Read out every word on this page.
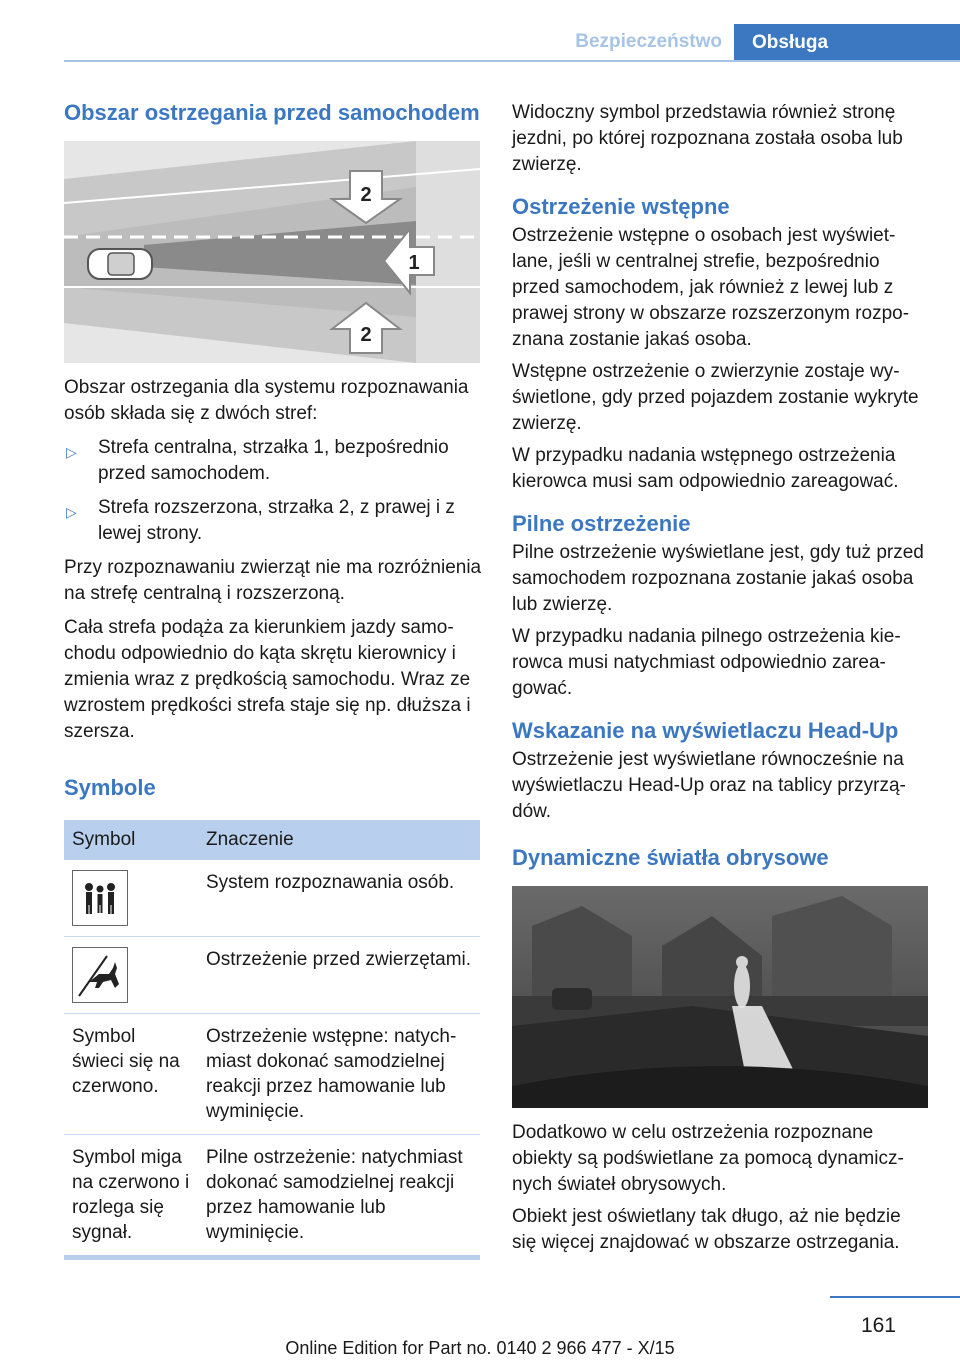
Bezpieczeństwo	Obsługa
Obszar ostrzegania przed samochodem
2
1
2

Obszar ostrzegania dla systemu rozpoznawania osób składa się z dwóch stref:

▷ Strefa centralna, strzałka 1, bezpośrednio przed samochodem.
▷ Strefa rozszerzona, strzałka 2, z prawej i z lewej strony.

Przy rozpoznawaniu zwierząt nie ma rozróżnienia na strefę centralną i rozszerzoną.

Cała strefa podąża za kierunkiem jazdy samochodu odpowiednio do kąta skrętu kierownicy i zmienia wraz z prędkością samochodu. Wraz ze wzrostem prędkości strefa staje się np. dłuższa i szersza.

Symbole
Symbol	Znaczenie

	System rozpoznawania osób.

	Ostrzeżenie przed zwierzętami.
Symbol świeci się na czerwono.	Ostrzeżenie wstępne: natychmiast dokonać samodzielnej reakcji przez hamowanie lub wyminięcie.
Symbol miga na czerwono i rozlega się sygnał.	Pilne ostrzeżenie: natychmiast dokonać samodzielnej reakcji przez hamowanie lub wyminięcie.

Widoczny symbol przedstawia również stronę jezdni, po której rozpoznana została osoba lub zwierzę.

Ostrzeżenie wstępne

Ostrzeżenie wstępne o osobach jest wyświetlane, jeśli w centralnej strefie, bezpośrednio przed samochodem, jak również z lewej lub z prawej strony w obszarze rozszerzonym rozpoznana zostanie jakaś osoba.

Wstępne ostrzeżenie o zwierzynie zostaje wyświetlone, gdy przed pojazdem zostanie wykryte zwierzę.

W przypadku nadania wstępnego ostrzeżenia kierowca musi sam odpowiednio zareagować.

Pilne ostrzeżenie

Pilne ostrzeżenie wyświetlane jest, gdy tuż przed samochodem rozpoznana zostanie jakaś osoba lub zwierzę.

W przypadku nadania pilnego ostrzeżenia kierowca musi natychmiast odpowiednio zareagować.

Wskazanie na wyświetlaczu Head-Up

Ostrzeżenie jest wyświetlane równocześnie na wyświetlaczu Head-Up oraz na tablicy przyrządów.

Dynamiczne światła obrysowe

Dodatkowo w celu ostrzeżenia rozpoznane obiekty są podświetlane za pomocą dynamicznych świateł obrysowych.

Obiekt jest oświetlany tak długo, aż nie będzie się więcej znajdować w obszarze ostrzegania.

161
Online Edition for Part no. 0140 2 966 477 - X/15
